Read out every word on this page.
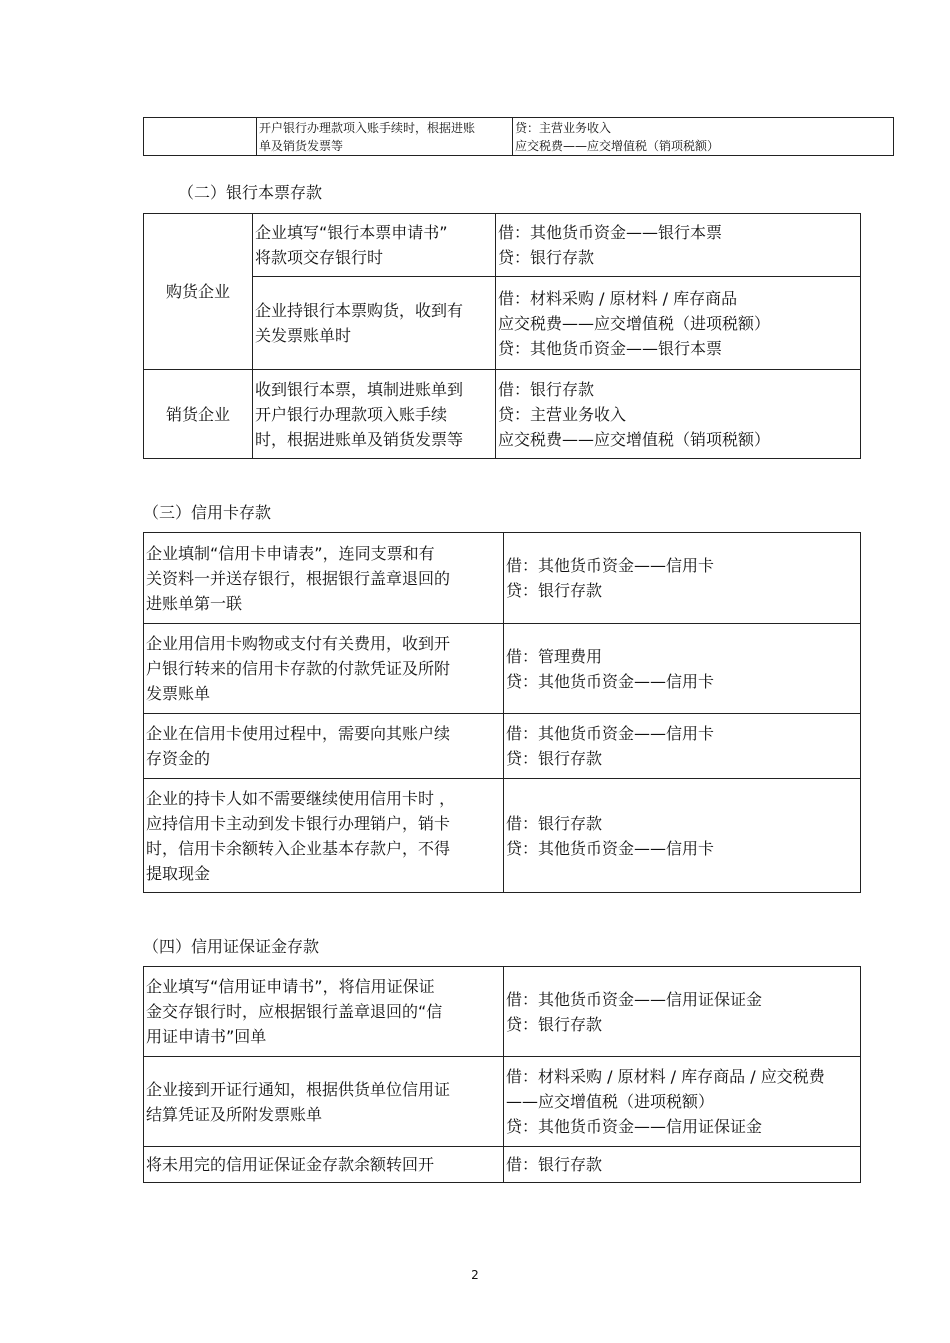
	开户银行办理款项入账手续时，根据进账
单及销货发票等	贷：主营业务收入
应交税费——应交增值税（销项税额）
（二）银行本票存款
购货企业	企业填写“银行本票申请书”
将款项交存银行时	借：其他货币资金——银行本票
贷：银行存款
	企业持银行本票购货，收到有
关发票账单时	借：材料采购 / 原材料 / 库存商品
应交税费——应交增值税（进项税额）
贷：其他货币资金——银行本票
销货企业	收到银行本票，填制进账单到
开户银行办理款项入账手续
时，根据进账单及销货发票等	借：银行存款
贷：主营业务收入
应交税费——应交增值税（销项税额）
（三）信用卡存款
企业填制“信用卡申请表”，连同支票和有
关资料一并送存银行，根据银行盖章退回的
进账单第一联	借：其他货币资金——信用卡
贷：银行存款
企业用信用卡购物或支付有关费用，收到开
户银行转来的信用卡存款的付款凭证及所附
发票账单	借：管理费用
贷：其他货币资金——信用卡
企业在信用卡使用过程中，需要向其账户续
存资金的	借：其他货币资金——信用卡
贷：银行存款
企业的持卡人如不需要继续使用信用卡时 ，
应持信用卡主动到发卡银行办理销户，销卡
时，信用卡余额转入企业基本存款户，不得
提取现金	借：银行存款
贷：其他货币资金——信用卡
（四）信用证保证金存款
企业填写“信用证申请书”，将信用证保证
金交存银行时，应根据银行盖章退回的“信
用证申请书”回单	借：其他货币资金——信用证保证金
贷：银行存款
企业接到开证行通知，根据供货单位信用证
结算凭证及所附发票账单	借：材料采购 / 原材料 / 库存商品 / 应交税费
——应交增值税（进项税额）
贷：其他货币资金——信用证保证金
将未用完的信用证保证金存款余额转回开	借：银行存款
2
